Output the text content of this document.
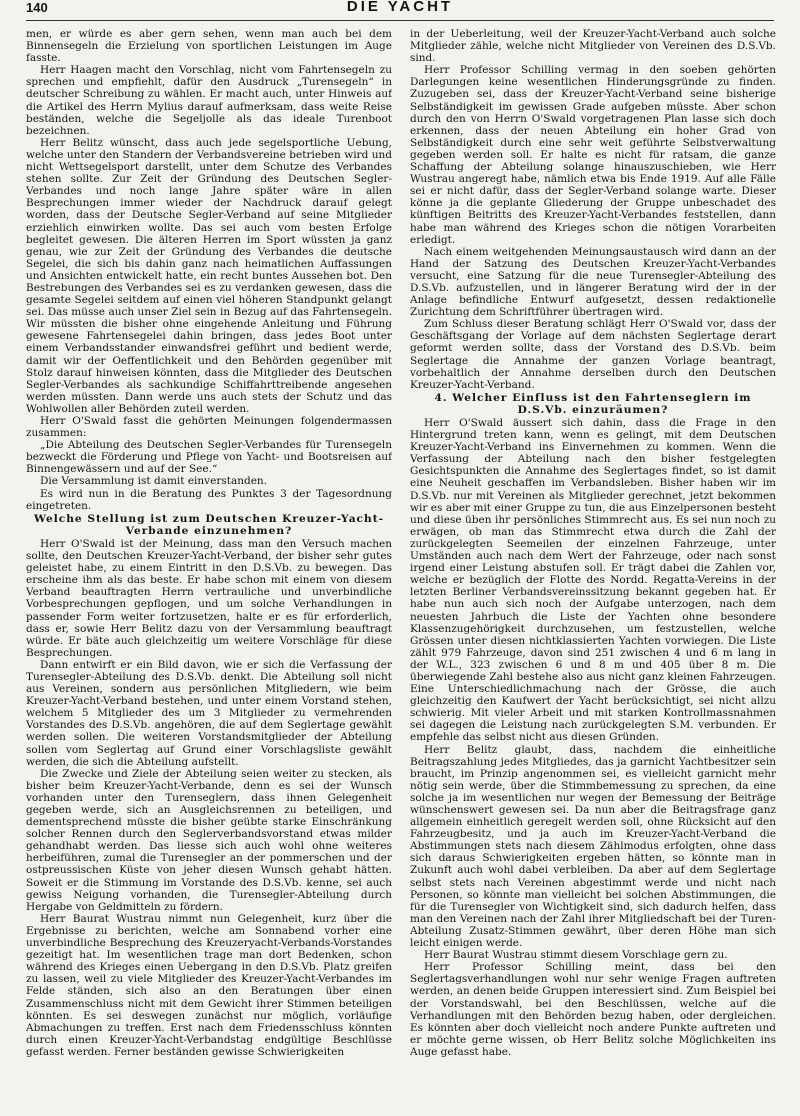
140	DIE YACHT

men, er würde es aber gern sehen, wenn man auch bei dem Binnensegeln die Erzielung von sportlichen Leistungen im Auge fasste.

Herr Haagen macht den Vorschlag, nicht vom Fahrtensegeln zu sprechen und empfiehlt, dafür den Ausdruck „Turensegeln“ in deutscher Schreibung zu wählen. Er macht auch, unter Hinweis auf die Artikel des Herrn Mylius darauf aufmerksam, dass weite Reise beständen, welche die Segeljolle als das ideale Turenboot bezeichnen.

Herr Belitz wünscht, dass auch jede segelsportliche Uebung, welche unter den Standern der Verbandsvereine betrieben wird und nicht Wettsegelsport darstellt, unter dem Schutze des Verbandes stehen sollte. Zur Zeit der Gründung des Deutschen Segler-Verbandes und noch lange Jahre später wäre in allen Besprechungen immer wieder der Nachdruck darauf gelegt worden, dass der Deutsche Segler-Verband auf seine Mitglieder erziehlich einwirken wollte. Das sei auch vom besten Erfolge begleitet gewesen. Die älteren Herren im Sport wüssten ja ganz genau, wie zur Zeit der Gründung des Verbandes die deutsche Segelei, die sich bis dahin ganz nach heimatlichen Auffassungen und Ansichten entwickelt hatte, ein recht buntes Aussehen bot. Den Bestrebungen des Verbandes sei es zu verdanken gewesen, dass die gesamte Segelei seitdem auf einen viel höheren Standpunkt gelangt sei. Das müsse auch unser Ziel sein in Bezug auf das Fahrtensegeln. Wir müssten die bisher ohne eingehende Anleitung und Führung gewesene Fahrtensegelei dahin bringen, dass jedes Boot unter einem Verbandsstander einwandsfrei geführt und bedient werde, damit wir der Oeffentlichkeit und den Behörden gegenüber mit Stolz darauf hinweisen könnten, dass die Mitglieder des Deutschen Segler-Verbandes als sachkundige Schiffahrttreibende angesehen werden müssten. Dann werde uns auch stets der Schutz und das Wohlwollen aller Behörden zuteil werden.

Herr O'Swald fasst die gehörten Meinungen folgendermassen zusammen:

„Die Abteilung des Deutschen Segler-Verbandes für Turensegeln bezweckt die Förderung und Pflege von Yacht- und Bootsreisen auf Binnengewässern und auf der See.“

Die Versammlung ist damit einverstanden.

Es wird nun in die Beratung des Punktes 3 der Tagesordnung eingetreten.

Welche Stellung ist zum Deutschen Kreuzer-Yacht-Verbande einzunehmen?

Herr O'Swald ist der Meinung, dass man den Versuch machen sollte, den Deutschen Kreuzer-Yacht-Verband, der bisher sehr gutes geleistet habe, zu einem Eintritt in den D.S.Vb. zu bewegen. Das erscheine ihm als das beste. Er habe schon mit einem von diesem Verband beauftragten Herrn vertrauliche und unverbindliche Vorbesprechungen gepflogen, und um solche Verhandlungen in passender Form weiter fortzusetzen, halte er es für erforderlich, dass er, sowie Herr Belitz dazu von der Versammlung beauftragt würde. Er bäte auch gleichzeitig um weitere Vorschläge für diese Besprechungen.

Dann entwirft er ein Bild davon, wie er sich die Verfassung der Turensegler-Abteilung des D.S.Vb. denkt. Die Abteilung soll nicht aus Vereinen, sondern aus persönlichen Mitgliedern, wie beim Kreuzer-Yacht-Verband bestehen, und unter einem Vorstand stehen, welchem 5 Mitglieder des um 3 Mitglieder zu vermehrenden Vorstandes des D.S.Vb. angehören, die auf dem Seglertage gewählt werden sollen. Die weiteren Vorstandsmitglieder der Abteilung sollen vom Seglertag auf Grund einer Vorschlagsliste gewählt werden, die sich die Abteilung aufstellt.

Die Zwecke und Ziele der Abteilung seien weiter zu stecken, als bisher beim Kreuzer-Yacht-Verbande, denn es sei der Wunsch vorhanden unter den Turenseglern, dass ihnen Gelegenheit gegeben werde, sich an Ausgleichsrennen zu beteiligen, und dementsprechend müsste die bisher geübte starke Einschränkung solcher Rennen durch den Seglerverbandsvorstand etwas milder gehandhabt werden. Das liesse sich auch wohl ohne weiteres herbeiführen, zumal die Turensegler an der pommerschen und der ostpreussischen Küste von jeher diesen Wunsch gehabt hätten. Soweit er die Stimmung im Vorstande des D.S.Vb. kenne, sei auch gewiss Neigung vorhanden, die Turensegler-Abteilung durch Hergabe von Geldmitteln zu fördern.

Herr Baurat Wustrau nimmt nun Gelegenheit, kurz über die Ergebnisse zu berichten, welche am Sonnabend vorher eine unverbindliche Besprechung des Kreuzeryacht-Verbands-Vorstandes gezeitigt hat. Im wesentlichen trage man dort Bedenken, schon während des Krieges einen Uebergang in den D.S.Vb. Platz greifen zu lassen, weil zu viele Mitglieder des Kreuzer-Yacht-Verbandes im Felde ständen, sich also an den Beratungen über einen Zusammenschluss nicht mit dem Gewicht ihrer Stimmen beteiligen könnten. Es sei deswegen zunächst nur möglich, vorläufige Abmachungen zu treffen. Erst nach dem Friedensschluss könnten durch einen Kreuzer-Yacht-Verbandstag endgültige Beschlüsse gefasst werden. Ferner beständen gewisse Schwierigkeiten

in der Ueberleitung, weil der Kreuzer-Yacht-Verband auch solche Mitglieder zähle, welche nicht Mitglieder von Vereinen des D.S.Vb. sind.

Herr Professor Schilling vermag in den soeben gehörten Darlegungen keine wesentlichen Hinderungsgründe zu finden. Zuzugeben sei, dass der Kreuzer-Yacht-Verband seine bisherige Selbständigkeit im gewissen Grade aufgeben müsste. Aber schon durch den von Herrn O'Swald vorgetragenen Plan lasse sich doch erkennen, dass der neuen Abteilung ein hoher Grad von Selbständigkeit durch eine sehr weit geführte Selbstverwaltung gegeben werden soll. Er halte es nicht für ratsam, die ganze Schaffung der Abteilung solange hinauszuschieben, wie Herr Wustrau angeregt habe, nämlich etwa bis Ende 1919. Auf alle Fälle sei er nicht dafür, dass der Segler-Verband solange warte. Dieser könne ja die geplante Gliederung der Gruppe unbeschadet des künftigen Beitritts des Kreuzer-Yacht-Verbandes feststellen, dann habe man während des Krieges schon die nötigen Vorarbeiten erledigt.

Nach einem weitgehenden Meinungsaustausch wird dann an der Hand der Satzung des Deutschen Kreuzer-Yacht-Verbandes versucht, eine Satzung für die neue Turensegler-Abteilung des D.S.Vb. aufzustellen, und in längerer Beratung wird der in der Anlage befindliche Entwurf aufgesetzt, dessen redaktionelle Zurichtung dem Schriftführer übertragen wird.

Zum Schluss dieser Beratung schlägt Herr O'Swald vor, dass der Geschäftsgang der Vorlage auf dem nächsten Seglertage derart geformt werden sollte, dass der Vorstand des D.S.Vb. beim Seglertage die Annahme der ganzen Vorlage beantragt, vorbehaltlich der Annahme derselben durch den Deutschen Kreuzer-Yacht-Verband.

4. Welcher Einfluss ist den Fahrtenseglern im D.S.Vb. einzuräumen?

Herr O'Swald äussert sich dahin, dass die Frage in den Hintergrund treten kann, wenn es gelingt, mit dem Deutschen Kreuzer-Yacht-Verband ins Einvernehmen zu kommen. Wenn die Verfassung der Abteilung nach den bisher festgelegten Gesichtspunkten die Annahme des Seglertages findet, so ist damit eine Neuheit geschaffen im Verbandsleben. Bisher haben wir im D.S.Vb. nur mit Vereinen als Mitglieder gerechnet, jetzt bekommen wir es aber mit einer Gruppe zu tun, die aus Einzelpersonen besteht und diese üben ihr persönliches Stimmrecht aus. Es sei nun noch zu erwägen, ob man das Stimmrecht etwa durch die Zahl der zurückgelegten Seemeilen der einzelnen Fahrzeuge, unter Umständen auch nach dem Wert der Fahrzeuge, oder nach sonst irgend einer Leistung abstufen soll. Er trägt dabei die Zahlen vor, welche er bezüglich der Flotte des Nordd. Regatta-Vereins in der letzten Berliner Verbandsvereinssitzung bekannt gegeben hat. Er habe nun auch sich noch der Aufgabe unterzogen, nach dem neuesten Jahrbuch die Liste der Yachten ohne besondere Klassenzugehörigkeit durchzusehen, um festzustellen, welche Grössen unter diesen nichtklassierten Yachten vorwiegen. Die Liste zählt 979 Fahrzeuge, davon sind 251 zwischen 4 und 6 m lang in der W.L., 323 zwischen 6 und 8 m und 405 über 8 m. Die überwiegende Zahl bestehe also aus nicht ganz kleinen Fahrzeugen. Eine Unterschiedlichmachung nach der Grösse, die auch gleichzeitig den Kaufwert der Yacht berücksichtigt, sei nicht allzu schwierig. Mit vieler Arbeit und mit starken Kontrollmassnahmen sei dagegen die Leistung nach zurückgelegten S.M. verbunden. Er empfehle das selbst nicht aus diesen Gründen.

Herr Belitz glaubt, dass, nachdem die einheitliche Beitragszahlung jedes Mitgliedes, das ja garnicht Yachtbesitzer sein braucht, im Prinzip angenommen sei, es vielleicht garnicht mehr nötig sein werde, über die Stimmbemessung zu sprechen, da eine solche ja im wesentlichen nur wegen der Bemessung der Beiträge wünschenswert gewesen sei. Da nun aber die Beitragsfrage ganz allgemein einheitlich geregelt werden soll, ohne Rücksicht auf den Fahrzeugbesitz, und ja auch im Kreuzer-Yacht-Verband die Abstimmungen stets nach diesem Zählmodus erfolgten, ohne dass sich daraus Schwierigkeiten ergeben hätten, so könnte man in Zukunft auch wohl dabei verbleiben. Da aber auf dem Seglertage selbst stets nach Vereinen abgestimmt werde und nicht nach Personen, so könnte man vielleicht bei solchen Abstimmungen, die für die Turensegler von Wichtigkeit sind, sich dadurch helfen, dass man den Vereinen nach der Zahl ihrer Mitgliedschaft bei der Turen-Abteilung Zusatz-Stimmen gewährt, über deren Höhe man sich leicht einigen werde.

Herr Baurat Wustrau stimmt diesem Vorschlage gern zu.

Herr Professor Schilling meint, dass bei den Seglertagsverhandlungen wohl nur sehr wenige Fragen auftreten werden, an denen beide Gruppen interessiert sind. Zum Beispiel bei der Vorstandswahl, bei den Beschlüssen, welche auf die Verhandlungen mit den Behörden bezug haben, oder dergleichen. Es könnten aber doch vielleicht noch andere Punkte auftreten und er möchte gerne wissen, ob Herr Belitz solche Möglichkeiten ins Auge gefasst habe.
